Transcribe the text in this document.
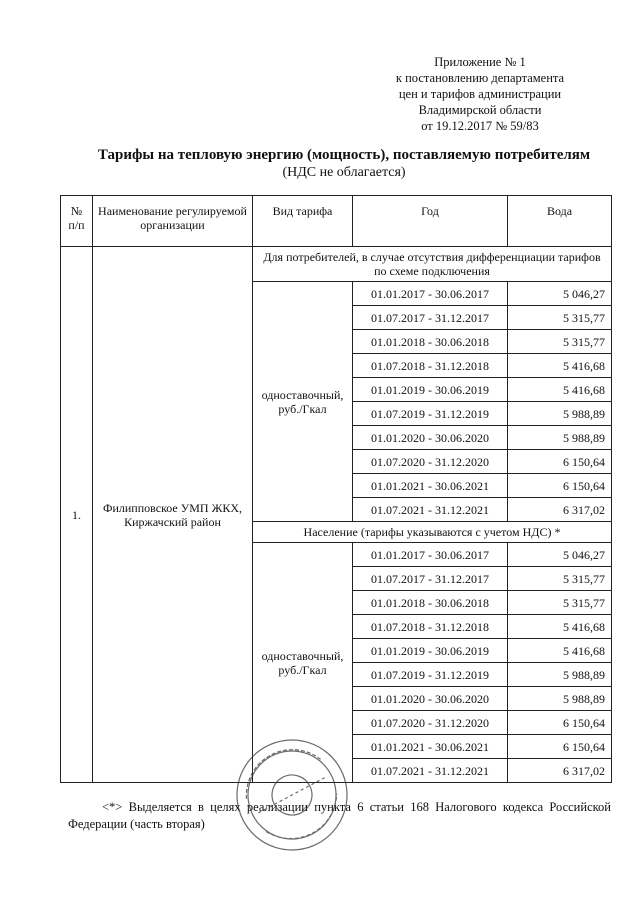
Приложение № 1
к постановлению департамента
цен и тарифов администрации
Владимирской области
от 19.12.2017 № 59/83
Тарифы на тепловую энергию (мощность), поставляемую потребителям
(НДС не облагается)
№ п/п	Наименование регулируемой организации	Вид тарифа	Год	Вода
1.	Филипповское УМП ЖКХ, Киржачский район	Для потребителей, в случае отсутствия дифференциации тарифов по схеме подключения		
		одноставочный, руб./Гкал	01.01.2017 - 30.06.2017	5 046,27
			01.07.2017 - 31.12.2017	5 315,77
			01.01.2018 - 30.06.2018	5 315,77
			01.07.2018 - 31.12.2018	5 416,68
			01.01.2019 - 30.06.2019	5 416,68
			01.07.2019 - 31.12.2019	5 988,89
			01.01.2020 - 30.06.2020	5 988,89
			01.07.2020 - 31.12.2020	6 150,64
			01.01.2021 - 30.06.2021	6 150,64
			01.07.2021 - 31.12.2021	6 317,02
		Население (тарифы указываются с учетом НДС) *		
		одноставочный, руб./Гкал	01.01.2017 - 30.06.2017	5 046,27
			01.07.2017 - 31.12.2017	5 315,77
			01.01.2018 - 30.06.2018	5 315,77
			01.07.2018 - 31.12.2018	5 416,68
			01.01.2019 - 30.06.2019	5 416,68
			01.07.2019 - 31.12.2019	5 988,89
			01.01.2020 - 30.06.2020	5 988,89
			01.07.2020 - 31.12.2020	6 150,64
			01.01.2021 - 30.06.2021	6 150,64
			01.07.2021 - 31.12.2021	6 317,02
<*> Выделяется в целях реализации пункта 6 статьи 168 Налогового кодекса Российской Федерации (часть вторая)
